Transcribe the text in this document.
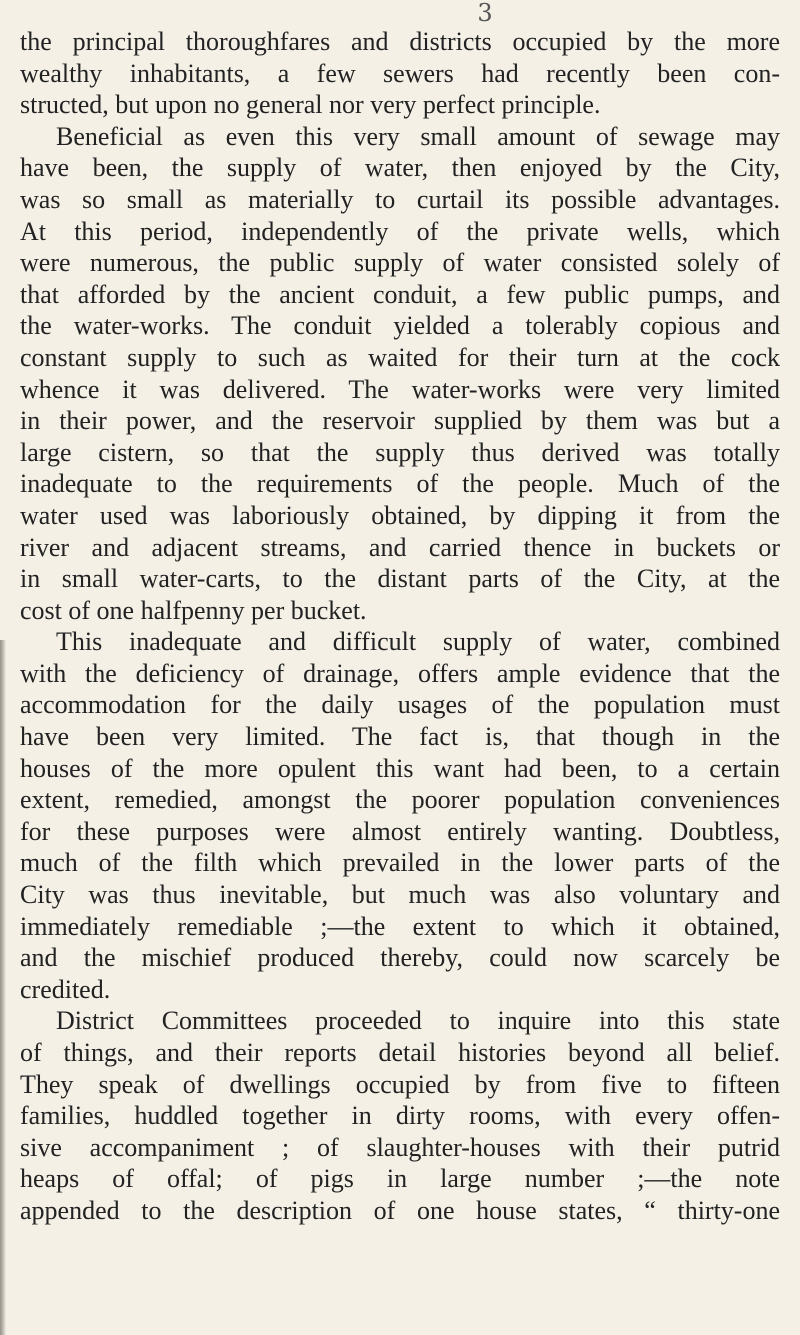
3
the principal thoroughfares and districts occupied by the more
wealthy inhabitants, a few sewers had recently been con-
structed, but upon no general nor very perfect principle.
Beneficial as even this very small amount of sewage may
have been, the supply of water, then enjoyed by the City,
was so small as materially to curtail its possible advantages.
At this period, independently of the private wells, which
were numerous, the public supply of water consisted solely of
that afforded by the ancient conduit, a few public pumps, and
the water-works. The conduit yielded a tolerably copious and
constant supply to such as waited for their turn at the cock
whence it was delivered. The water-works were very limited
in their power, and the reservoir supplied by them was but a
large cistern, so that the supply thus derived was totally
inadequate to the requirements of the people. Much of the
water used was laboriously obtained, by dipping it from the
river and adjacent streams, and carried thence in buckets or
in small water-carts, to the distant parts of the City, at the
cost of one halfpenny per bucket.
This inadequate and difficult supply of water, combined
with the deficiency of drainage, offers ample evidence that the
accommodation for the daily usages of the population must
have been very limited. The fact is, that though in the
houses of the more opulent this want had been, to a certain
extent, remedied, amongst the poorer population conveniences
for these purposes were almost entirely wanting. Doubtless,
much of the filth which prevailed in the lower parts of the
City was thus inevitable, but much was also voluntary and
immediately remediable ;—the extent to which it obtained,
and the mischief produced thereby, could now scarcely be
credited.
District Committees proceeded to inquire into this state
of things, and their reports detail histories beyond all belief.
They speak of dwellings occupied by from five to fifteen
families, huddled together in dirty rooms, with every offen-
sive accompaniment ; of slaughter-houses with their putrid
heaps of offal; of pigs in large number ;—the note
appended to the description of one house states, “ thirty-one
